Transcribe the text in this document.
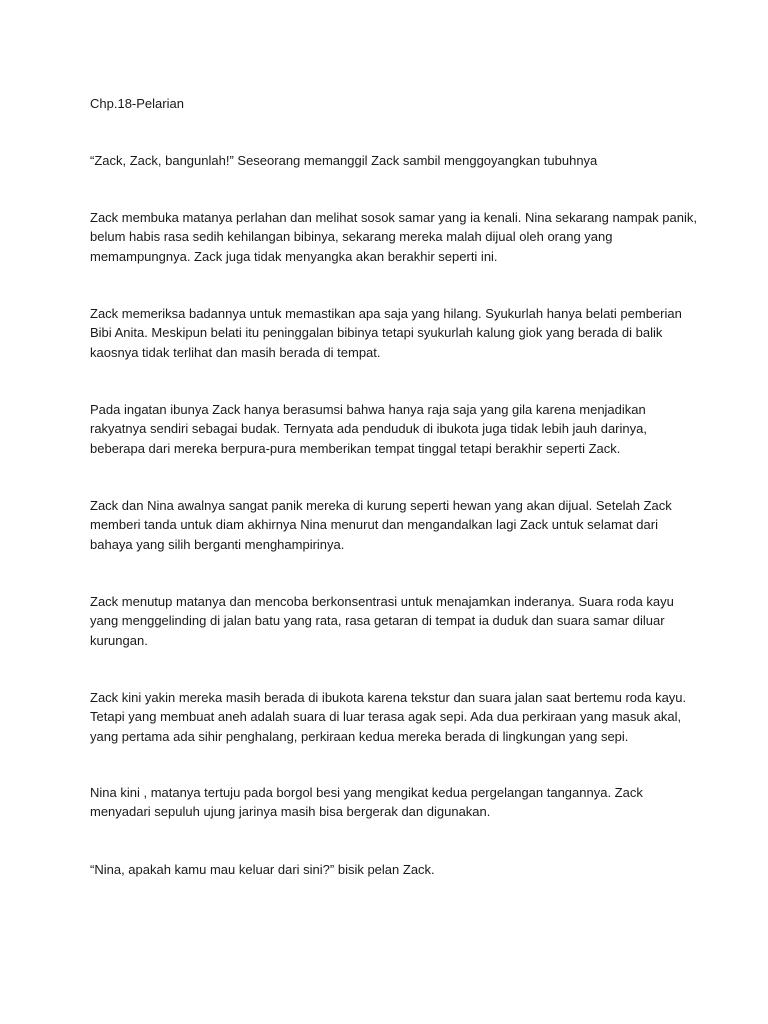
Chp.18-Pelarian

“Zack, Zack, bangunlah!” Seseorang memanggil Zack sambil menggoyangkan tubuhnya

Zack membuka matanya perlahan dan melihat sosok samar yang ia kenali. Nina sekarang nampak panik,
belum habis rasa sedih kehilangan bibinya, sekarang mereka malah dijual oleh orang yang
memampungnya. Zack juga tidak menyangka akan berakhir seperti ini.

Zack memeriksa badannya untuk memastikan apa saja yang hilang. Syukurlah hanya belati pemberian
Bibi Anita. Meskipun belati itu peninggalan bibinya tetapi syukurlah kalung giok yang berada di balik
kaosnya tidak terlihat dan masih berada di tempat.

Pada ingatan ibunya Zack hanya berasumsi bahwa hanya raja saja yang gila karena menjadikan
rakyatnya sendiri sebagai budak. Ternyata ada penduduk di ibukota juga tidak lebih jauh darinya,
beberapa dari mereka berpura-pura memberikan tempat tinggal tetapi berakhir seperti Zack.

Zack dan Nina awalnya sangat panik mereka di kurung seperti hewan yang akan dijual. Setelah Zack
memberi tanda untuk diam akhirnya Nina menurut dan mengandalkan lagi Zack untuk selamat dari
bahaya yang silih berganti menghampirinya.

Zack menutup matanya dan mencoba berkonsentrasi untuk menajamkan inderanya. Suara roda kayu
yang menggelinding di jalan batu yang rata, rasa getaran di tempat ia duduk dan suara samar diluar
kurungan.

Zack kini yakin mereka masih berada di ibukota karena tekstur dan suara jalan saat bertemu roda kayu.
Tetapi yang membuat aneh adalah suara di luar terasa agak sepi. Ada dua perkiraan yang masuk akal,
yang pertama ada sihir penghalang, perkiraan kedua mereka berada di lingkungan yang sepi.

Nina kini , matanya tertuju pada borgol besi yang mengikat kedua pergelangan tangannya. Zack
menyadari sepuluh ujung jarinya masih bisa bergerak dan digunakan.

“Nina, apakah kamu mau keluar dari sini?” bisik pelan Zack.
